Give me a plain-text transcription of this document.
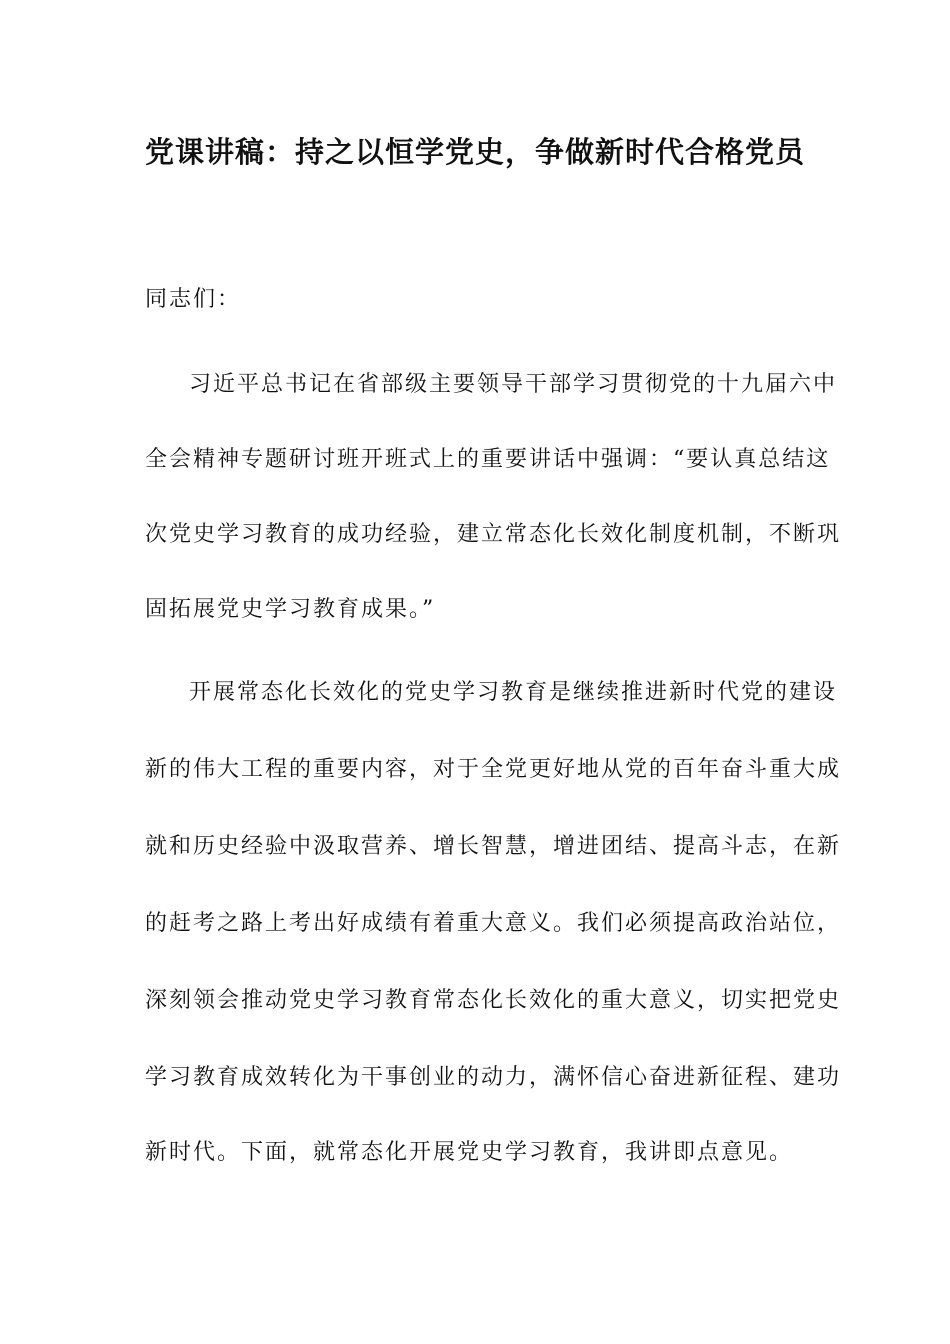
党课讲稿：持之以恒学党史，争做新时代合格党员
同志们：
习近平总书记在省部级主要领导干部学习贯彻党的十九届六中
全会精神专题研讨班开班式上的重要讲话中强调：“要认真总结这
次党史学习教育的成功经验，建立常态化长效化制度机制，不断巩
固拓展党史学习教育成果。”
开展常态化长效化的党史学习教育是继续推进新时代党的建设
新的伟大工程的重要内容，对于全党更好地从党的百年奋斗重大成
就和历史经验中汲取营养、增长智慧，增进团结、提高斗志，在新
的赶考之路上考出好成绩有着重大意义。我们必须提高政治站位，
深刻领会推动党史学习教育常态化长效化的重大意义，切实把党史
学习教育成效转化为干事创业的动力，满怀信心奋进新征程、建功
新时代。下面，就常态化开展党史学习教育，我讲即点意见。
